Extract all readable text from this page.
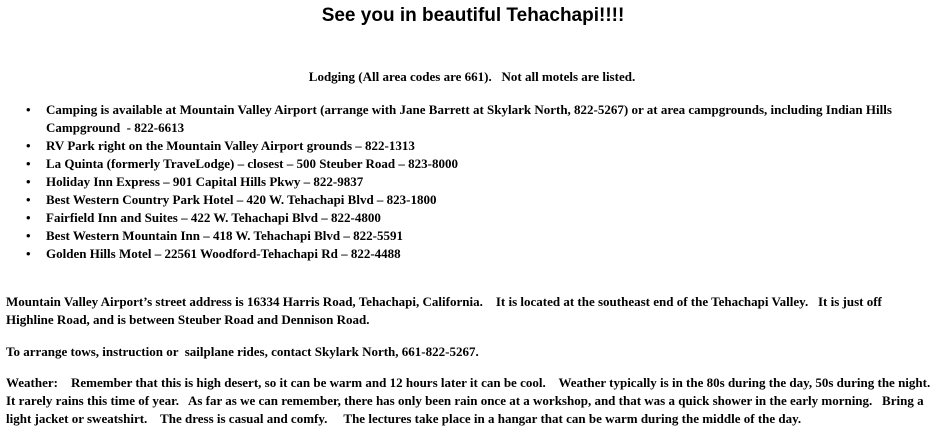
See you in beautiful Tehachapi!!!!

Lodging (All area codes are 661).   Not all motels are listed.

• Camping is available at Mountain Valley Airport (arrange with Jane Barrett at Skylark North, 822-5267) or at area campgrounds, including Indian Hills Campground  - 822-6613
• RV Park right on the Mountain Valley Airport grounds – 822-1313
• La Quinta (formerly TraveLodge) – closest – 500 Steuber Road – 823-8000
• Holiday Inn Express – 901 Capital Hills Pkwy – 822-9837
• Best Western Country Park Hotel – 420 W. Tehachapi Blvd – 823-1800
• Fairfield Inn and Suites – 422 W. Tehachapi Blvd – 822-4800
• Best Western Mountain Inn – 418 W. Tehachapi Blvd – 822-5591
• Golden Hills Motel – 22561 Woodford-Tehachapi Rd – 822-4488

Mountain Valley Airport’s street address is 16334 Harris Road, Tehachapi, California.    It is located at the southeast end of the Tehachapi Valley.   It is just off Highline Road, and is between Steuber Road and Dennison Road.

To arrange tows, instruction or  sailplane rides, contact Skylark North, 661-822-5267.

Weather:    Remember that this is high desert, so it can be warm and 12 hours later it can be cool.    Weather typically is in the 80s during the day, 50s during the night.    It rarely rains this time of year.   As far as we can remember, there has only been rain once at a workshop, and that was a quick shower in the early morning.   Bring a light jacket or sweatshirt.    The dress is casual and comfy.     The lectures take place in a hangar that can be warm during the middle of the day.
